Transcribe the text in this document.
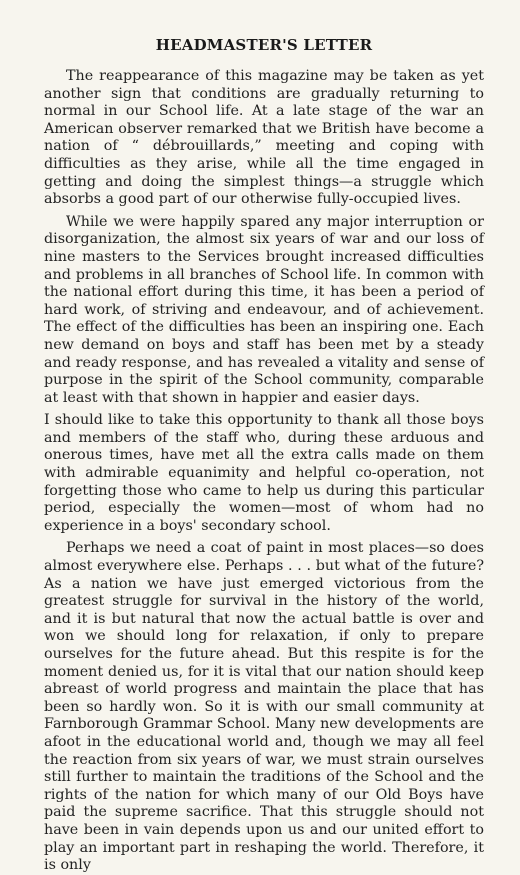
HEADMASTER'S LETTER

The reappearance of this magazine may be taken as yet another sign that conditions are gradually returning to normal in our School life. At a late stage of the war an American observer remarked that we British have become a nation of “ débrouillards,” meeting and coping with difficulties as they arise, while all the time engaged in getting and doing the simplest things—a struggle which absorbs a good part of our otherwise fully-occupied lives.

While we were happily spared any major interruption or disorganization, the almost six years of war and our loss of nine masters to the Services brought increased difficulties and problems in all branches of School life. In common with the national effort during this time, it has been a period of hard work, of striving and endeavour, and of achievement. The effect of the difficulties has been an inspiring one. Each new demand on boys and staff has been met by a steady and ready response, and has revealed a vitality and sense of purpose in the spirit of the School community, comparable at least with that shown in happier and easier days.

I should like to take this opportunity to thank all those boys and members of the staff who, during these arduous and onerous times, have met all the extra calls made on them with admirable equanimity and helpful co-operation, not forgetting those who came to help us during this particular period, especially the women—most of whom had no experience in a boys' secondary school.

Perhaps we need a coat of paint in most places—so does almost everywhere else. Perhaps . . . but what of the future? As a nation we have just emerged victorious from the greatest struggle for survival in the history of the world, and it is but natural that now the actual battle is over and won we should long for relaxation, if only to prepare ourselves for the future ahead. But this respite is for the moment denied us, for it is vital that our nation should keep abreast of world progress and maintain the place that has been so hardly won. So it is with our small community at Farnborough Grammar School. Many new developments are afoot in the educational world and, though we may all feel the reaction from six years of war, we must strain ourselves still further to maintain the traditions of the School and the rights of the nation for which many of our Old Boys have paid the supreme sacrifice. That this struggle should not have been in vain depends upon us and our united effort to play an important part in reshaping the world. Therefore, it is only
